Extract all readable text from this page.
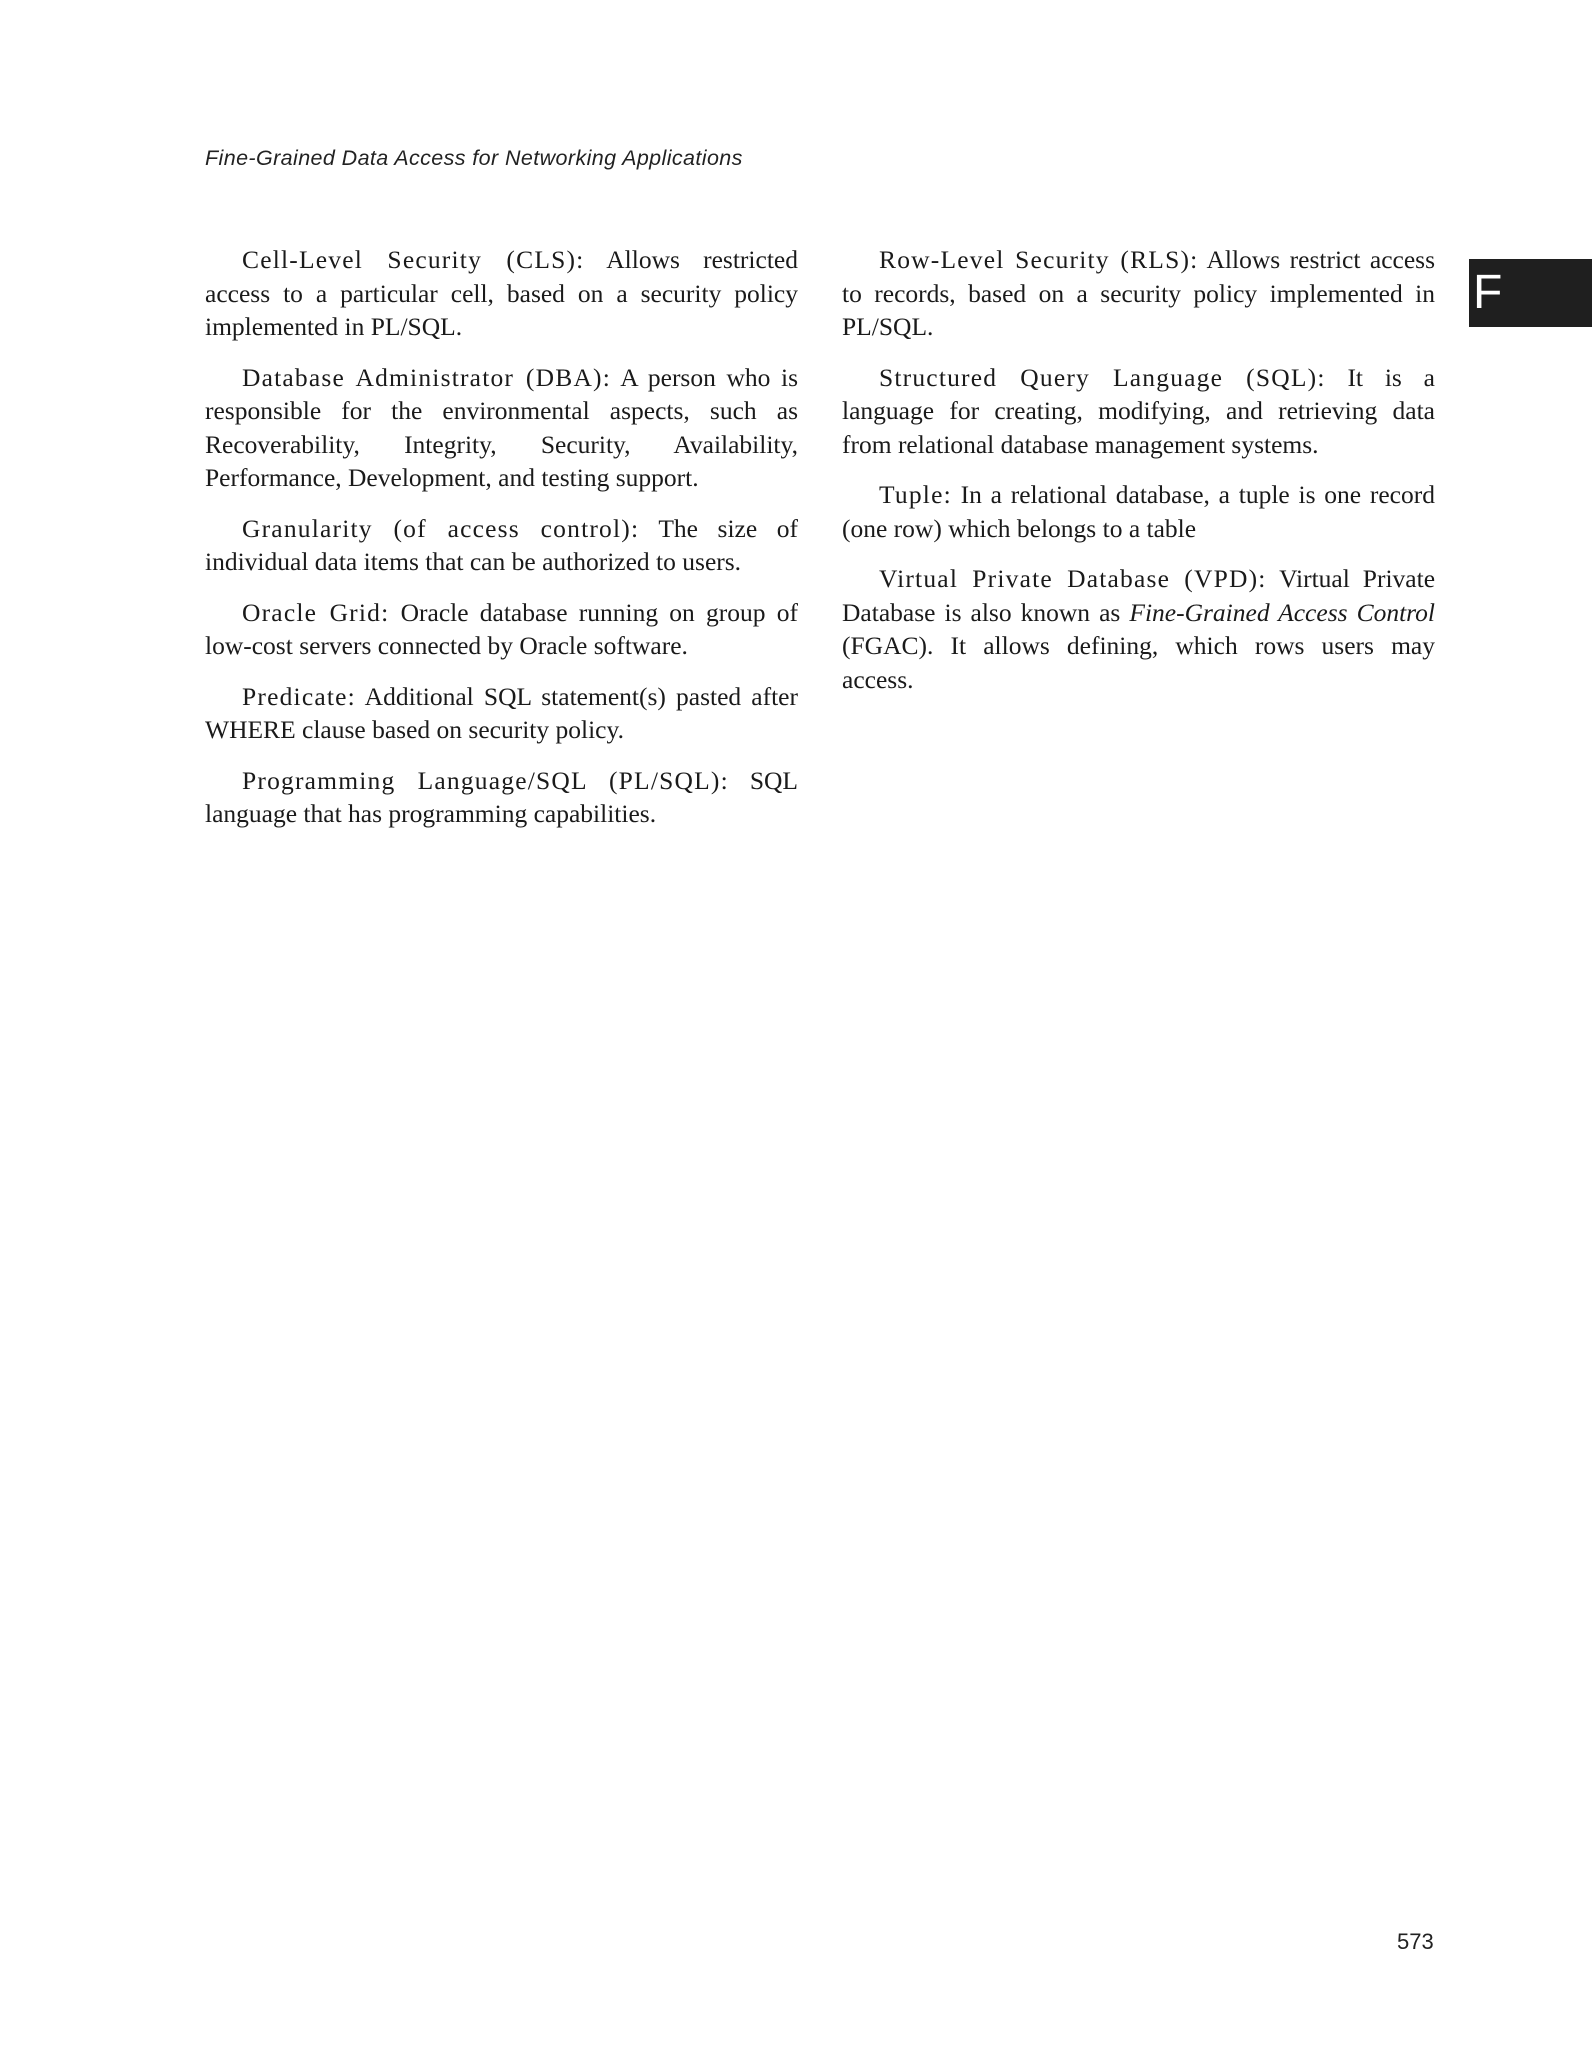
Fine-Grained Data Access for Networking Applications

F

Cell-Level Security (CLS): Allows restricted access to a particular cell, based on a security policy implemented in PL/SQL.

Database Administrator (DBA): A person who is responsible for the environmental aspects, such as Recoverability, Integrity, Security, Availability, Performance, Development, and testing support.

Granularity (of access control): The size of individual data items that can be authorized to users.

Oracle Grid: Oracle database running on group of low-cost servers connected by Oracle software.

Predicate: Additional SQL statement(s) pasted after WHERE clause based on security policy.

Programming Language/SQL (PL/SQL): SQL language that has programming capabilities.

Row-Level Security (RLS): Allows restrict access to records, based on a security policy implemented in PL/SQL.

Structured Query Language (SQL): It is a language for creating, modifying, and retrieving data from relational database management systems.

Tuple: In a relational database, a tuple is one record (one row) which belongs to a table

Virtual Private Database (VPD): Virtual Private Database is also known as Fine-Grained Access Control (FGAC). It allows defining, which rows users may access.

573
